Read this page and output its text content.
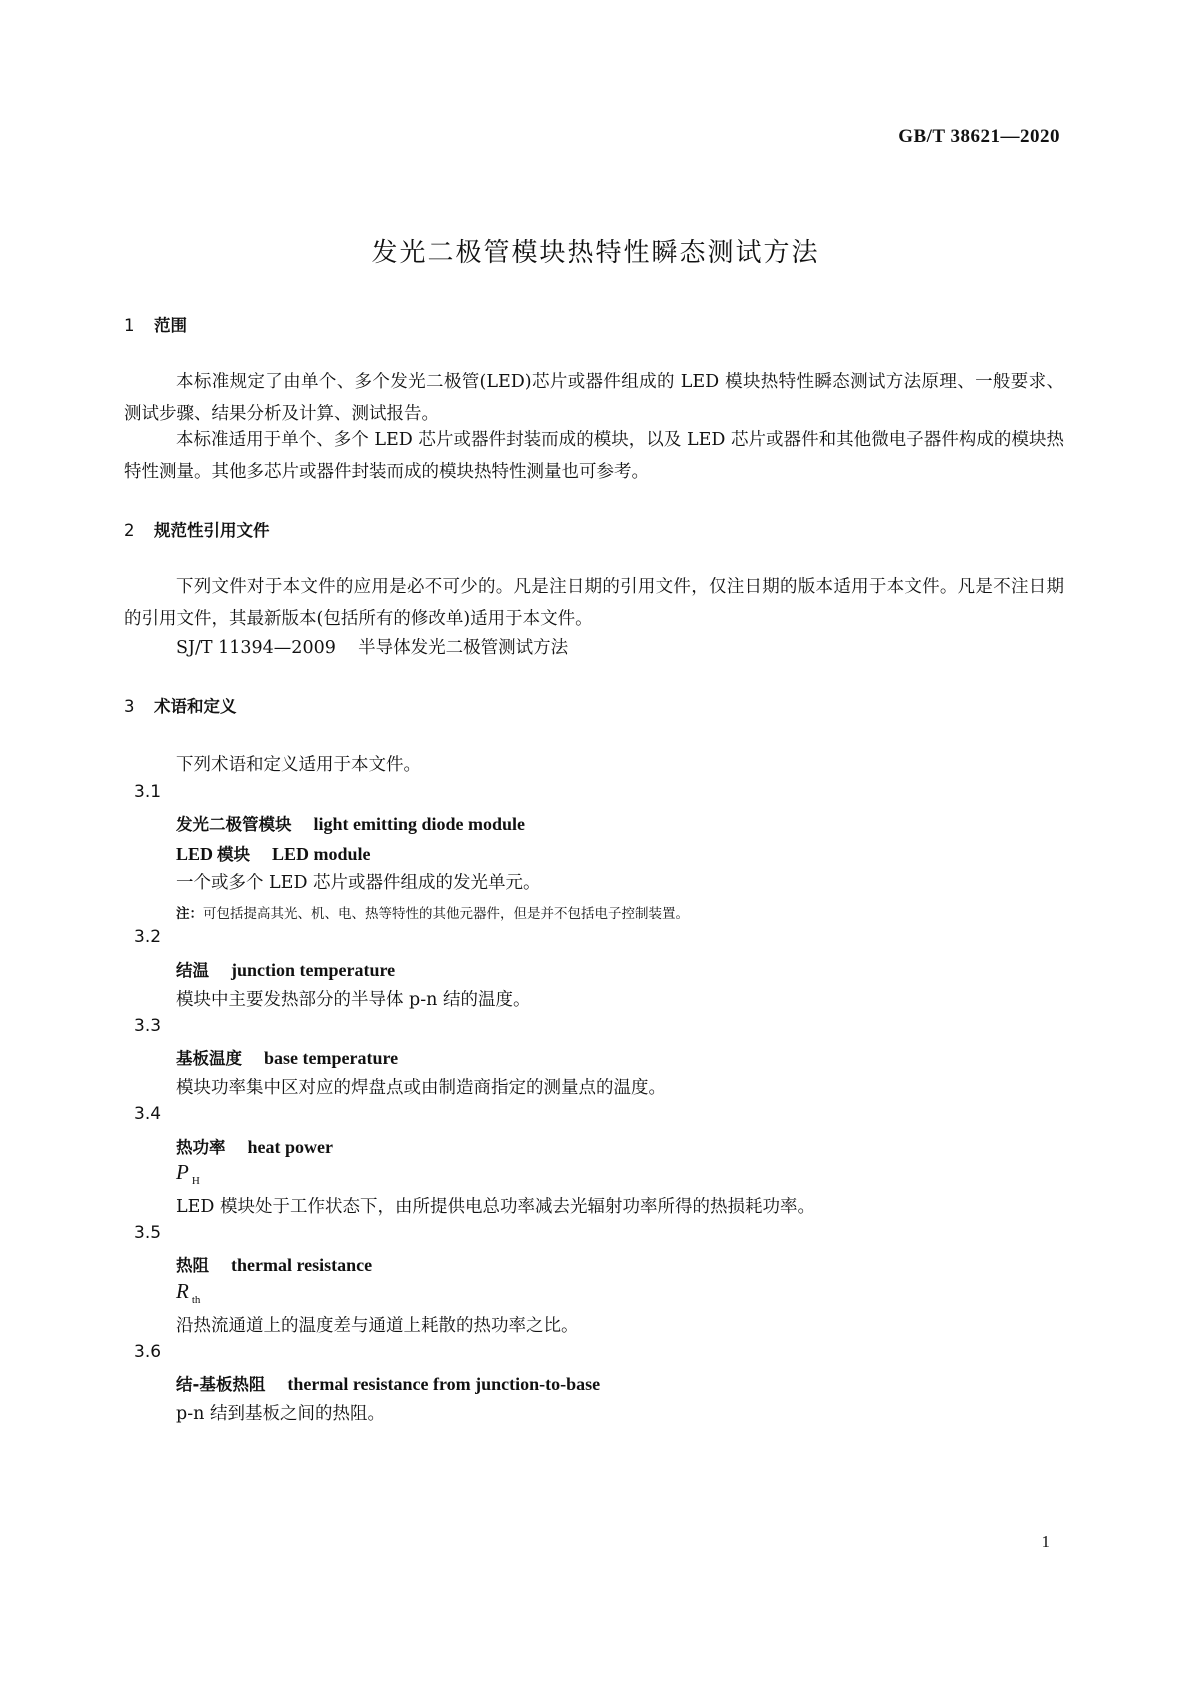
GB/T 38621—2020
发光二极管模块热特性瞬态测试方法
1 范围
本标准规定了由单个、多个发光二极管(LED)芯片或器件组成的 LED 模块热特性瞬态测试方法原理、一般要求、测试步骤、结果分析及计算、测试报告。
本标准适用于单个、多个 LED 芯片或器件封装而成的模块，以及 LED 芯片或器件和其他微电子器件构成的模块热特性测量。其他多芯片或器件封装而成的模块热特性测量也可参考。
2 规范性引用文件
下列文件对于本文件的应用是必不可少的。凡是注日期的引用文件，仅注日期的版本适用于本文件。凡是不注日期的引用文件，其最新版本(包括所有的修改单)适用于本文件。
SJ/T 11394—2009 半导体发光二极管测试方法
3 术语和定义
下列术语和定义适用于本文件。
3.1
发光二极管模块 light emitting diode module
LED 模块 LED module
一个或多个 LED 芯片或器件组成的发光单元。
注：可包括提高其光、机、电、热等特性的其他元器件，但是并不包括电子控制装置。
3.2
结温 junction temperature
模块中主要发热部分的半导体 p-n 结的温度。
3.3
基板温度 base temperature
模块功率集中区对应的焊盘点或由制造商指定的测量点的温度。
3.4
热功率 heat power
P $_H$
LED 模块处于工作状态下，由所提供电总功率减去光辐射功率所得的热损耗功率。
3.5
热阻 thermal resistance
R $_{th}$
沿热流通道上的温度差与通道上耗散的热功率之比。
3.6
结-基板热阻 thermal resistance from junction-to-base
p-n 结到基板之间的热阻。
1
